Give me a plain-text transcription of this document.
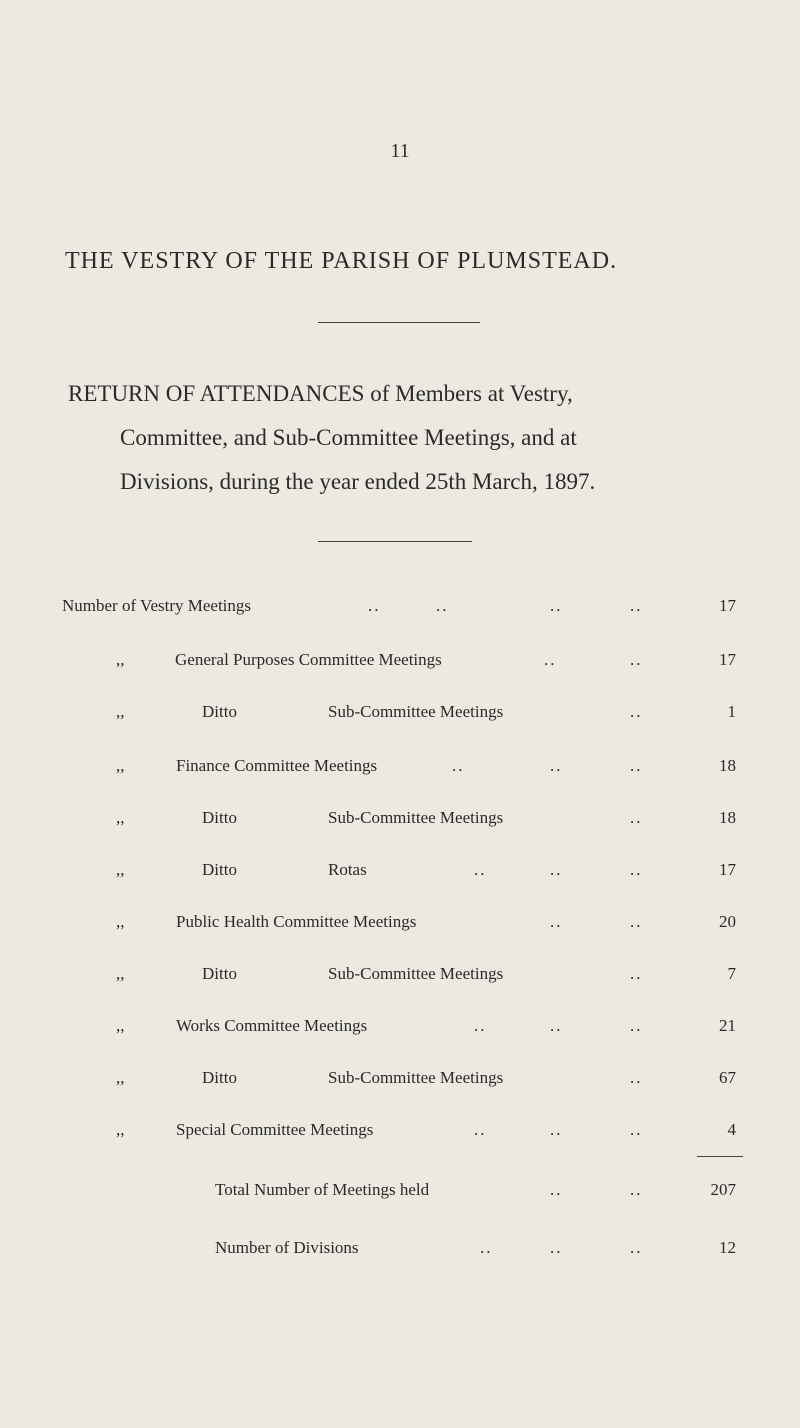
11
THE VESTRY OF THE PARISH OF PLUMSTEAD.
RETURN OF ATTENDANCES of Members at Vestry,
Committee, and Sub-Committee Meetings, and at
Divisions, during the year ended 25th March, 1897.
Number of Vestry Meetings	..	..	..	..	17
,,	General Purposes Committee Meetings	..	..	17
,,	Ditto	Sub-Committee Meetings	..	1
,,	Finance Committee Meetings	..	..	..	18
,,	Ditto	Sub-Committee Meetings	..	18
,,	Ditto	Rotas	..	..	..	17
,,	Public Health Committee Meetings	..	..	20
,,	Ditto	Sub-Committee Meetings	..	7
,,	Works Committee Meetings	..	..	..	21
,,	Ditto	Sub-Committee Meetings	..	67
,,	Special Committee Meetings	..	..	..	4
Total Number of Meetings held	..	..	207
Number of Divisions	..	..	..	12
